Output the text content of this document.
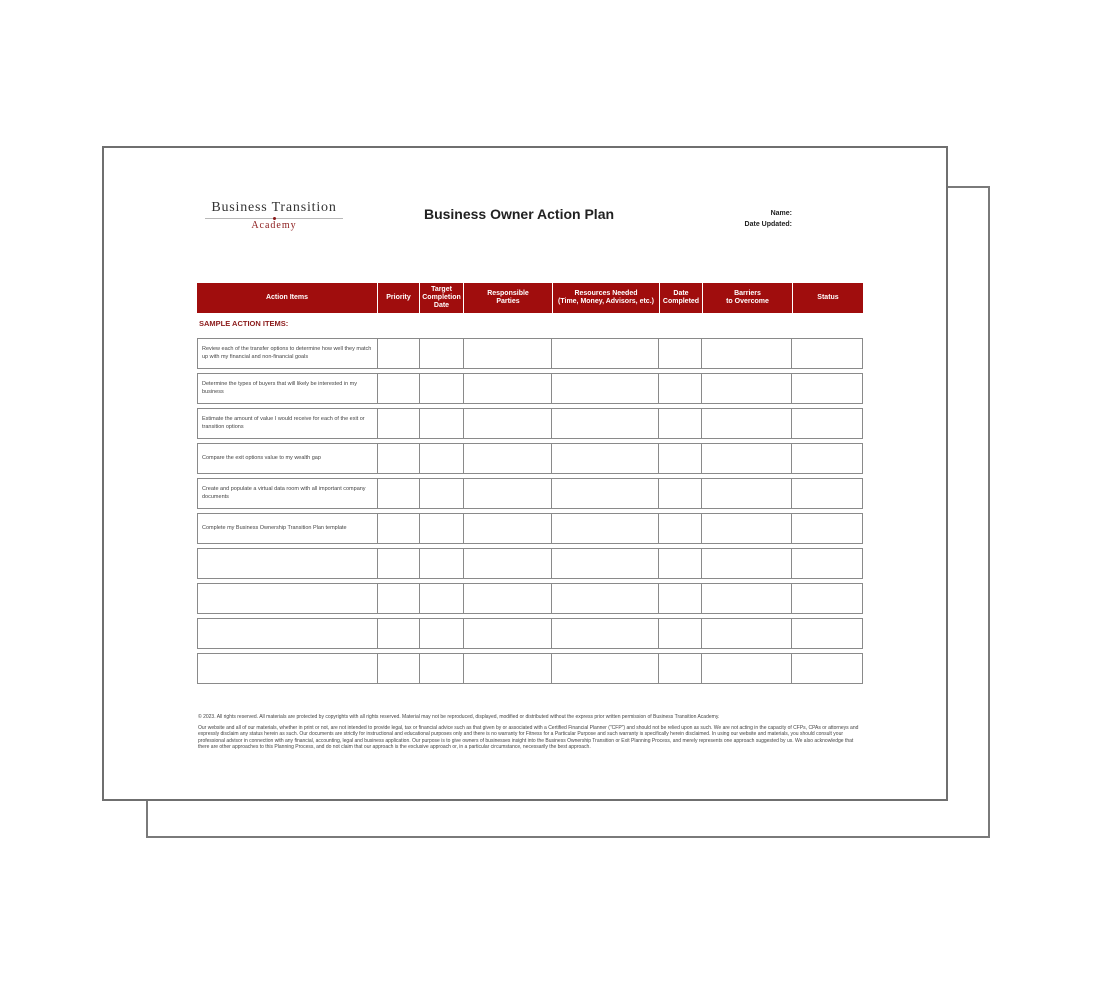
Business Transition
Academy
Business Owner Action Plan	Name:
Date Updated:
Action Items	Priority
Target
Completion
Date
Responsible
Parties
Resources Needed
(Time, Money, Advisors, etc.)
Date
Completed
Barriers
to Overcome
Status
SAMPLE ACTION ITEMS:
Review each of the transfer options to determine how well they match up with my financial and non-financial goals
Determine the types of buyers that will likely be interested in my business
Estimate the amount of value I would receive for each of the exit or transition options
Compare the exit options value to my wealth gap
Create and populate a virtual data room with all important company documents
Complete my Business Ownership Transition Plan template

© 2023. All rights reserved. All materials are protected by copyrights with all rights reserved. Material may not be reproduced, displayed, modified or distributed without the express prior written permission of Business Transition Academy.

Our website and all of our materials, whether in print or not, are not intended to provide legal, tax or financial advice such as that given by or associated with a Certified Financial Planner ("CFP") and should not be relied upon as such. We are not acting in the capacity of CFPs, CPAs or attorneys and expressly disclaim any status herein as such. Our documents are strictly for instructional and educational purposes only and there is no warranty for Fitness for a Particular Purpose and such warranty is specifically herein disclaimed. In using our website and materials, you should consult your professional advisor in connection with any financial, accounting, legal and business application. Our purpose is to give owners of businesses insight into the Business Ownership Transition or Exit Planning Process, and merely represents one approach suggested by us. We also acknowledge that there are other approaches to this Planning Process, and do not claim that our approach is the exclusive approach or, in a particular circumstance, necessarily the best approach.
